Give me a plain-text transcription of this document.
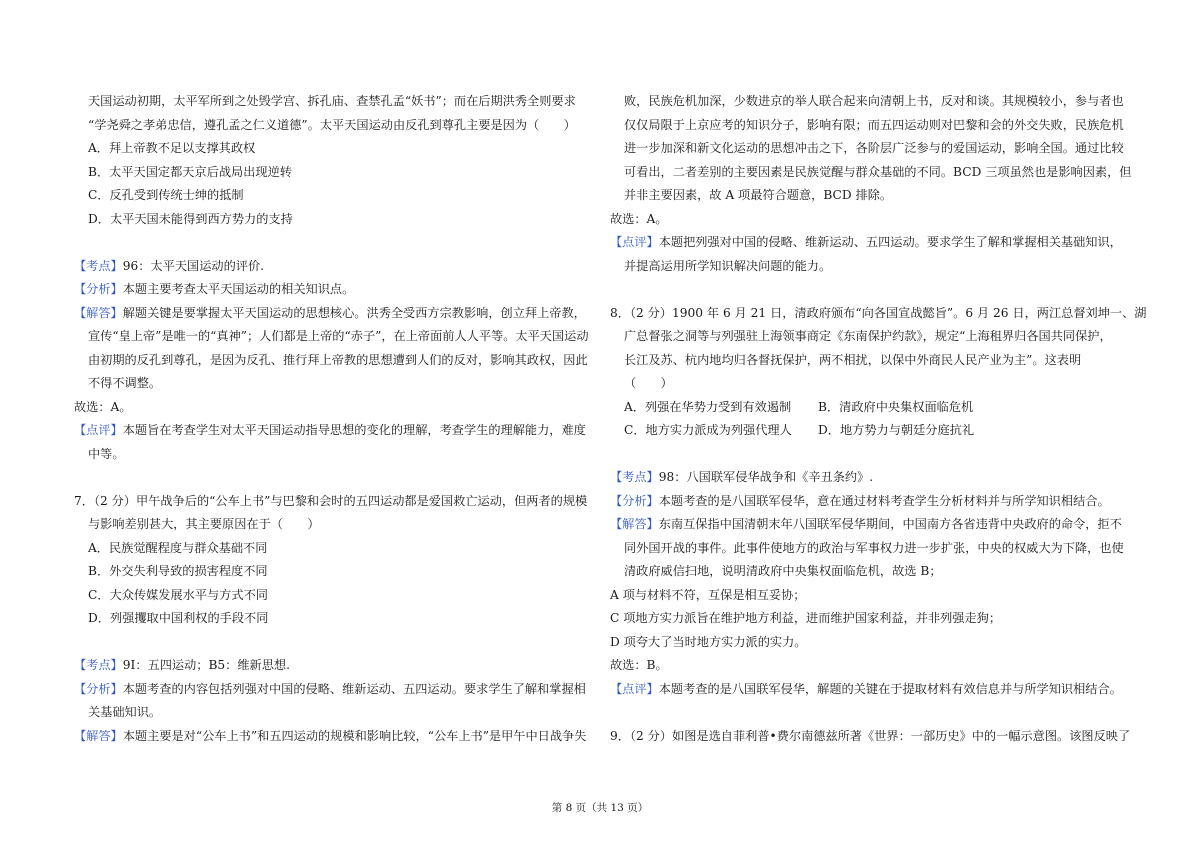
天国运动初期，太平军所到之处毁学宫、拆孔庙、查禁孔孟“妖书”；而在后期洪秀全则要求

“学尧舜之孝弟忠信，遵孔孟之仁义道德”。太平天国运动由反孔到尊孔主要是因为（　　）

A．拜上帝教不足以支撑其政权

B．太平天国定都天京后战局出现逆转

C．反孔受到传统士绅的抵制

D．太平天国未能得到西方势力的支持

【考点】96：太平天国运动的评价.

【分析】本题主要考查太平天国运动的相关知识点。

【解答】解题关键是要掌握太平天国运动的思想核心。洪秀全受西方宗教影响，创立拜上帝教，

宣传“皇上帝”是唯一的“真神”；人们都是上帝的“赤子”，在上帝面前人人平等。太平天国运动

由初期的反孔到尊孔，是因为反孔、推行拜上帝教的思想遭到人们的反对，影响其政权，因此

不得不调整。

故选：A。

【点评】本题旨在考查学生对太平天国运动指导思想的变化的理解，考查学生的理解能力，难度

中等。

7．（2 分）甲午战争后的“公车上书”与巴黎和会时的五四运动都是爱国救亡运动，但两者的规模

与影响差别甚大，其主要原因在于（　　）

A．民族觉醒程度与群众基础不同

B．外交失利导致的损害程度不同

C．大众传媒发展水平与方式不同

D．列强攫取中国利权的手段不同

【考点】9I：五四运动；B5：维新思想.

【分析】本题考查的内容包括列强对中国的侵略、维新运动、五四运动。要求学生了解和掌握相

关基础知识。

【解答】本题主要是对“公车上书”和五四运动的规模和影响比较，“公车上书”是甲午中日战争失

败，民族危机加深，少数进京的举人联合起来向清朝上书，反对和谈。其规模较小，参与者也

仅仅局限于上京应考的知识分子，影响有限；而五四运动则对巴黎和会的外交失败，民族危机

进一步加深和新文化运动的思想冲击之下，各阶层广泛参与的爱国运动，影响全国。通过比较

可看出，二者差别的主要因素是民族觉醒与群众基础的不同。BCD 三项虽然也是影响因素，但

并非主要因素，故 A 项最符合题意，BCD 排除。

故选：A。

【点评】本题把列强对中国的侵略、维新运动、五四运动。要求学生了解和掌握相关基础知识，

并提高运用所学知识解决问题的能力。

8．（2 分）1900 年 6 月 21 日，清政府颁布“向各国宣战懿旨”。6 月 26 日，两江总督刘坤一、湖

广总督张之洞等与列强驻上海领事商定《东南保护约款》，规定“上海租界归各国共同保护，

长江及苏、杭内地均归各督抚保护，两不相扰，以保中外商民人民产业为主”。这表明

（　　）

A．列强在华势力受到有效遏制	B．清政府中央集权面临危机
C．地方实力派成为列强代理人	D．地方势力与朝廷分庭抗礼

【考点】98：八国联军侵华战争和《辛丑条约》.

【分析】本题考查的是八国联军侵华，意在通过材料考查学生分析材料并与所学知识相结合。

【解答】东南互保指中国清朝末年八国联军侵华期间，中国南方各省违背中央政府的命令，拒不

同外国开战的事件。此事件使地方的政治与军事权力进一步扩张，中央的权威大为下降，也使

清政府威信扫地，说明清政府中央集权面临危机，故选 B；

A 项与材料不符，互保是相互妥协；

C 项地方实力派旨在维护地方利益，进而维护国家利益，并非列强走狗；

D 项夸大了当时地方实力派的实力。

故选：B。

【点评】本题考查的是八国联军侵华，解题的关键在于提取材料有效信息并与所学知识相结合。

9．（2 分）如图是选自菲利普•费尔南德兹所著《世界：一部历史》中的一幅示意图。该图反映了

第 8 页（共 13 页）
